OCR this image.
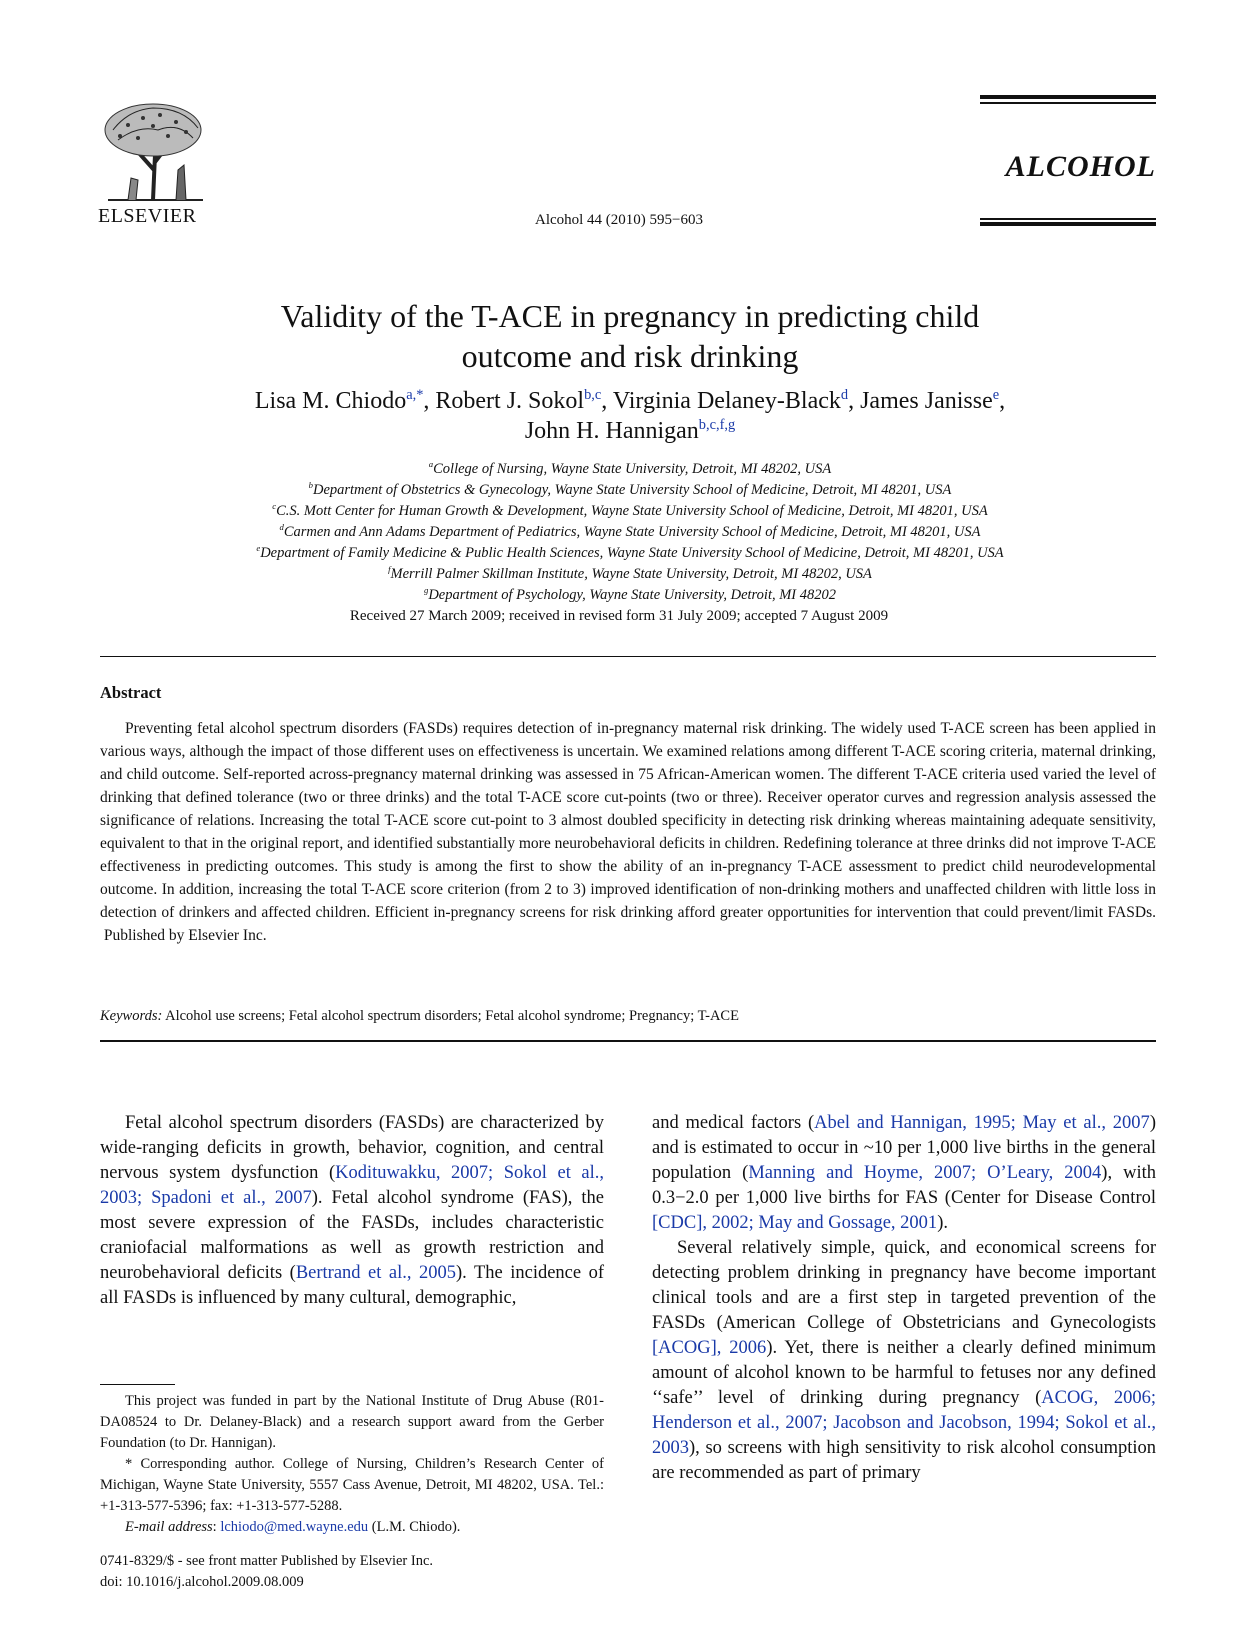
ELSEVIER	Alcohol 44 (2010) 595−603
ALCOHOL
Validity of the T-ACE in pregnancy in predicting child
outcome and risk drinking
Lisa M. Chiodo$^{a,*}$, Robert J. Sokol$^{b,c}$, Virginia Delaney-Black$^d$, James Janisse$^e$,
John H. Hannigan$^{b,c,f,g}$
$^a$College of Nursing, Wayne State University, Detroit, MI 48202, USA
$^b$Department of Obstetrics & Gynecology, Wayne State University School of Medicine, Detroit, MI 48201, USA
$^c$C.S. Mott Center for Human Growth & Development, Wayne State University School of Medicine, Detroit, MI 48201, USA
$^d$Carmen and Ann Adams Department of Pediatrics, Wayne State University School of Medicine, Detroit, MI 48201, USA
$^e$Department of Family Medicine & Public Health Sciences, Wayne State University School of Medicine, Detroit, MI 48201, USA
$^f$Merrill Palmer Skillman Institute, Wayne State University, Detroit, MI 48202, USA
$^g$Department of Psychology, Wayne State University, Detroit, MI 48202
Received 27 March 2009; received in revised form 31 July 2009; accepted 7 August 2009
Abstract
Preventing fetal alcohol spectrum disorders (FASDs) requires detection of in-pregnancy maternal risk drinking. The widely used T-ACE screen has been applied in various ways, although the impact of those different uses on effectiveness is uncertain. We examined relations among different T-ACE scoring criteria, maternal drinking, and child outcome. Self-reported across-pregnancy maternal drinking was assessed in 75 African-American women. The different T-ACE criteria used varied the level of drinking that defined tolerance (two or three drinks) and the total T-ACE score cut-points (two or three). Receiver operator curves and regression analysis assessed the significance of relations. Increasing the total T-ACE score cut-point to 3 almost doubled specificity in detecting risk drinking whereas maintaining adequate sensitivity, equivalent to that in the original report, and identified substantially more neurobehavioral deficits in children. Redefining tolerance at three drinks did not improve T-ACE effectiveness in predicting outcomes. This study is among the first to show the ability of an in-pregnancy T-ACE assessment to predict child neurodevelopmental outcome. In addition, increasing the total T-ACE score criterion (from 2 to 3) improved identification of non-drinking mothers and unaffected children with little loss in detection of drinkers and affected children. Efficient in-pregnancy screens for risk drinking afford greater opportunities for intervention that could prevent/limit FASDs.  Published by Elsevier Inc.
Keywords: Alcohol use screens; Fetal alcohol spectrum disorders; Fetal alcohol syndrome; Pregnancy; T-ACE

Fetal alcohol spectrum disorders (FASDs) are characterized by wide-ranging deficits in growth, behavior, cognition, and central nervous system dysfunction (Kodituwakku, 2007; Sokol et al., 2003; Spadoni et al., 2007). Fetal alcohol syndrome (FAS), the most severe expression of the FASDs, includes characteristic craniofacial malformations as well as growth restriction and neurobehavioral deficits (Bertrand et al., 2005). The incidence of all FASDs is influenced by many cultural, demographic,

and medical factors (Abel and Hannigan, 1995; May et al., 2007) and is estimated to occur in ~10 per 1,000 live births in the general population (Manning and Hoyme, 2007; O’Leary, 2004), with 0.3−2.0 per 1,000 live births for FAS (Center for Disease Control [CDC], 2002; May and Gossage, 2001).

Several relatively simple, quick, and economical screens for detecting problem drinking in pregnancy have become important clinical tools and are a first step in targeted prevention of the FASDs (American College of Obstetricians and Gynecologists [ACOG], 2006). Yet, there is neither a clearly defined minimum amount of alcohol known to be harmful to fetuses nor any defined ‘‘safe’’ level of drinking during pregnancy (ACOG, 2006; Henderson et al., 2007; Jacobson and Jacobson, 1994; Sokol et al., 2003), so screens with high sensitivity to risk alcohol consumption are recommended as part of primary

This project was funded in part by the National Institute of Drug Abuse (R01-DA08524 to Dr. Delaney-Black) and a research support award from the Gerber Foundation (to Dr. Hannigan).

* Corresponding author. College of Nursing, Children’s Research Center of Michigan, Wayne State University, 5557 Cass Avenue, Detroit, MI 48202, USA. Tel.: +1-313-577-5396; fax: +1-313-577-5288.

E-mail address: lchiodo@med.wayne.edu (L.M. Chiodo).

0741-8329/$ - see front matter Published by Elsevier Inc.
doi: 10.1016/j.alcohol.2009.08.009
